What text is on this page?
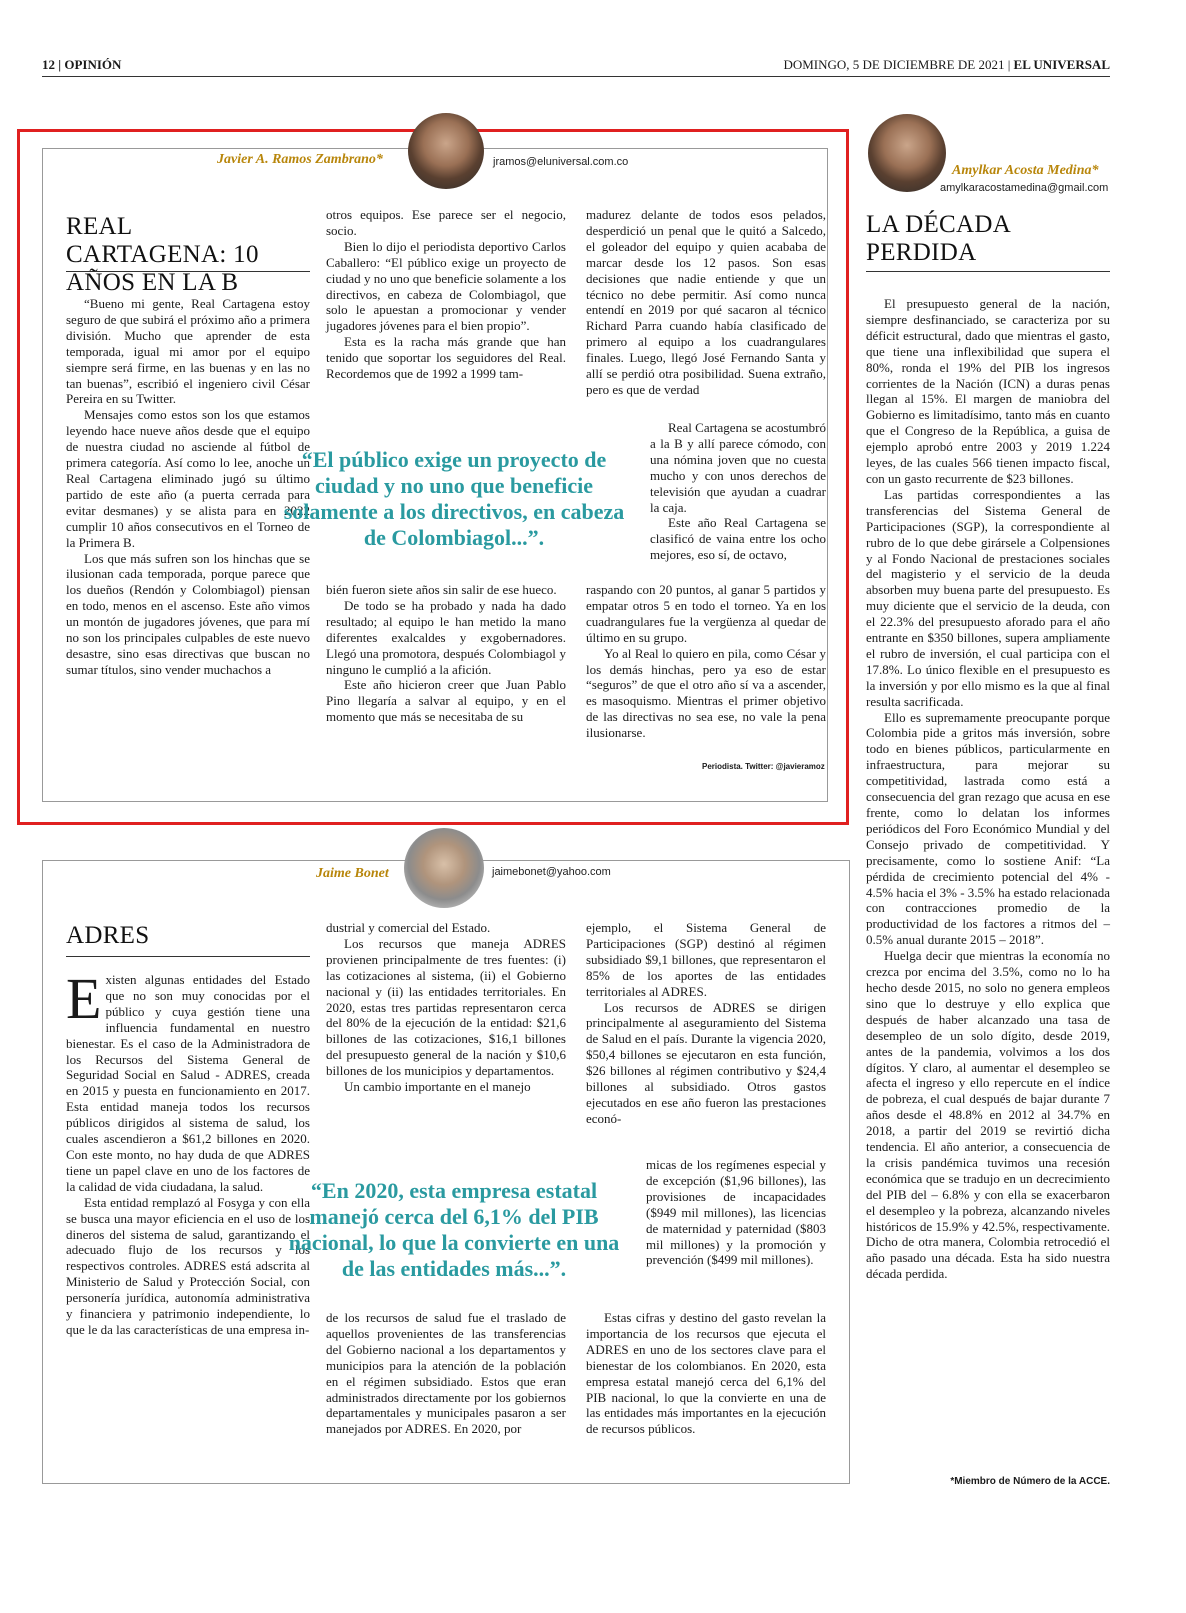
12 | OPINIÓN	DOMINGO, 5 DE DICIEMBRE DE 2021 | EL UNIVERSAL
Javier A. Ramos Zambrano*	jramos@eluniversal.com.co
REAL CARTAGENA: 10 AÑOS EN LA B

“Bueno mi gente, Real Cartagena estoy seguro de que subirá el próximo año a primera división. Mucho que aprender de esta temporada, igual mi amor por el equipo siempre será firme, en las buenas y en las no tan buenas”, escribió el ingeniero civil César Pereira en su Twitter.

Mensajes como estos son los que estamos leyendo hace nueve años desde que el equipo de nuestra ciudad no asciende al fútbol de primera categoría. Así como lo lee, anoche un Real Cartagena eliminado jugó su último partido de este año (a puerta cerrada para evitar desmanes) y se alista para en 2022 cumplir 10 años consecutivos en el Torneo de la Primera B.

Los que más sufren son los hinchas que se ilusionan cada temporada, porque parece que los dueños (Rendón y Colombiagol) piensan en todo, menos en el ascenso. Este año vimos un montón de jugadores jóvenes, que para mí no son los principales culpables de este nuevo desastre, sino esas directivas que buscan no sumar títulos, sino vender muchachos a

otros equipos. Ese parece ser el negocio, socio.

Bien lo dijo el periodista deportivo Carlos Caballero: “El público exige un proyecto de ciudad y no uno que beneficie solamente a los directivos, en cabeza de Colombiagol, que solo le apuestan a promocionar y vender jugadores jóvenes para el bien propio”.

Esta es la racha más grande que han tenido que soportar los seguidores del Real. Recordemos que de 1992 a 1999 tam-

madurez delante de todos esos pelados, desperdició un penal que le quitó a Salcedo, el goleador del equipo y quien acababa de marcar desde los 12 pasos. Son esas decisiones que nadie entiende y que un técnico no debe permitir. Así como nunca entendí en 2019 por qué sacaron al técnico Richard Parra cuando había clasificado de primero al equipo a los cuadrangulares finales. Luego, llegó José Fernando Santa y allí se perdió otra posibilidad. Suena extraño, pero es que de verdad

Real Cartagena se acostumbró a la B y allí parece cómodo, con una nómina joven que no cuesta mucho y con unos derechos de televisión que ayudan a cuadrar la caja.

Este año Real Cartagena se clasificó de vaina entre los ocho mejores, eso sí, de octavo,

“El público exige un proyecto de ciudad y no uno que beneficie solamente a los directivos, en cabeza de Colombiagol...”.

bién fueron siete años sin salir de ese hueco.

De todo se ha probado y nada ha dado resultado; al equipo le han metido la mano diferentes exalcaldes y exgobernadores. Llegó una promotora, después Colombiagol y ninguno le cumplió a la afición.

Este año hicieron creer que Juan Pablo Pino llegaría a salvar al equipo, y en el momento que más se necesitaba de su

raspando con 20 puntos, al ganar 5 partidos y empatar otros 5 en todo el torneo. Ya en los cuadrangulares fue la vergüenza al quedar de último en su grupo.

Yo al Real lo quiero en pila, como César y los demás hinchas, pero ya eso de estar “seguros” de que el otro año sí va a ascender, es masoquismo. Mientras el primer objetivo de las directivas no sea ese, no vale la pena ilusionarse.

Periodista. Twitter: @javieramoz
Amylkar Acosta Medina*
amylkaracostamedina@gmail.com
LA DÉCADA PERDIDA

El presupuesto general de la nación, siempre desfinanciado, se caracteriza por su déficit estructural, dado que mientras el gasto, que tiene una inflexibilidad que supera el 80%, ronda el 19% del PIB los ingresos corrientes de la Nación (ICN) a duras penas llegan al 15%. El margen de maniobra del Gobierno es limitadísimo, tanto más en cuanto que el Congreso de la República, a guisa de ejemplo aprobó entre 2003 y 2019 1.224 leyes, de las cuales 566 tienen impacto fiscal, con un gasto recurrente de $23 billones.

Las partidas correspondientes a las transferencias del Sistema General de Participaciones (SGP), la correspondiente al rubro de lo que debe girársele a Colpensiones y al Fondo Nacional de prestaciones sociales del magisterio y el servicio de la deuda absorben muy buena parte del presupuesto. Es muy diciente que el servicio de la deuda, con el 22.3% del presupuesto aforado para el año entrante en $350 billones, supera ampliamente el rubro de inversión, el cual participa con el 17.8%. Lo único flexible en el presupuesto es la inversión y por ello mismo es la que al final resulta sacrificada.

Ello es supremamente preocupante porque Colombia pide a gritos más inversión, sobre todo en bienes públicos, particularmente en infraestructura, para mejorar su competitividad, lastrada como está a consecuencia del gran rezago que acusa en ese frente, como lo delatan los informes periódicos del Foro Económico Mundial y del Consejo privado de competitividad. Y precisamente, como lo sostiene Anif: “La pérdida de crecimiento potencial del 4% - 4.5% hacia el 3% - 3.5% ha estado relacionada con contracciones promedio de la productividad de los factores a ritmos del – 0.5% anual durante 2015 – 2018”.

Huelga decir que mientras la economía no crezca por encima del 3.5%, como no lo ha hecho desde 2015, no solo no genera empleos sino que lo destruye y ello explica que después de haber alcanzado una tasa de desempleo de un solo dígito, desde 2019, antes de la pandemia, volvimos a los dos dígitos. Y claro, al aumentar el desempleo se afecta el ingreso y ello repercute en el índice de pobreza, el cual después de bajar durante 7 años desde el 48.8% en 2012 al 34.7% en 2018, a partir del 2019 se revirtió dicha tendencia. El año anterior, a consecuencia de la crisis pandémica tuvimos una recesión económica que se tradujo en un decrecimiento del PIB del – 6.8% y con ella se exacerbaron el desempleo y la pobreza, alcanzando niveles históricos de 15.9% y 42.5%, respectivamente. Dicho de otra manera, Colombia retrocedió el año pasado una década. Esta ha sido nuestra década perdida.

*Miembro de Número de la ACCE.
Jaime Bonet	jaimebonet@yahoo.com
ADRES

Existen algunas entidades del Estado que no son muy conocidas por el público y cuya gestión tiene una influencia fundamental en nuestro bienestar. Es el caso de la Administradora de los Recursos del Sistema General de Seguridad Social en Salud - ADRES, creada en 2015 y puesta en funcionamiento en 2017. Esta entidad maneja todos los recursos públicos dirigidos al sistema de salud, los cuales ascendieron a $61,2 billones en 2020. Con este monto, no hay duda de que ADRES tiene un papel clave en uno de los factores de la calidad de vida ciudadana, la salud.

Esta entidad remplazó al Fosyga y con ella se busca una mayor eficiencia en el uso de los dineros del sistema de salud, garantizando el adecuado flujo de los recursos y los respectivos controles. ADRES está adscrita al Ministerio de Salud y Protección Social, con personería jurídica, autonomía administrativa y financiera y patrimonio independiente, lo que le da las características de una empresa in-

dustrial y comercial del Estado.

Los recursos que maneja ADRES provienen principalmente de tres fuentes: (i) las cotizaciones al sistema, (ii) el Gobierno nacional y (ii) las entidades territoriales. En 2020, estas tres partidas representaron cerca del 80% de la ejecución de la entidad: $21,6 billones de las cotizaciones, $16,1 billones del presupuesto general de la nación y $10,6 billones de los municipios y departamentos.

Un cambio importante en el manejo

ejemplo, el Sistema General de Participaciones (SGP) destinó al régimen subsidiado $9,1 billones, que representaron el 85% de los aportes de las entidades territoriales al ADRES.

Los recursos de ADRES se dirigen principalmente al aseguramiento del Sistema de Salud en el país. Durante la vigencia 2020, $50,4 billones se ejecutaron en esta función, $26 billones al régimen contributivo y $24,4 billones al subsidiado. Otros gastos ejecutados en ese año fueron las prestaciones econó-

micas de los regímenes especial y de excepción ($1,96 billones), las provisiones de incapacidades ($949 mil millones), las licencias de maternidad y paternidad ($803 mil millones) y la promoción y prevención ($499 mil millones).

“En 2020, esta empresa estatal manejó cerca del 6,1% del PIB nacional, lo que la convierte en una de las entidades más...”.

de los recursos de salud fue el traslado de aquellos provenientes de las transferencias del Gobierno nacional a los departamentos y municipios para la atención de la población en el régimen subsidiado. Estos que eran administrados directamente por los gobiernos departamentales y municipales pasaron a ser manejados por ADRES. En 2020, por

Estas cifras y destino del gasto revelan la importancia de los recursos que ejecuta el ADRES en uno de los sectores clave para el bienestar de los colombianos. En 2020, esta empresa estatal manejó cerca del 6,1% del PIB nacional, lo que la convierte en una de las entidades más importantes en la ejecución de recursos públicos.
